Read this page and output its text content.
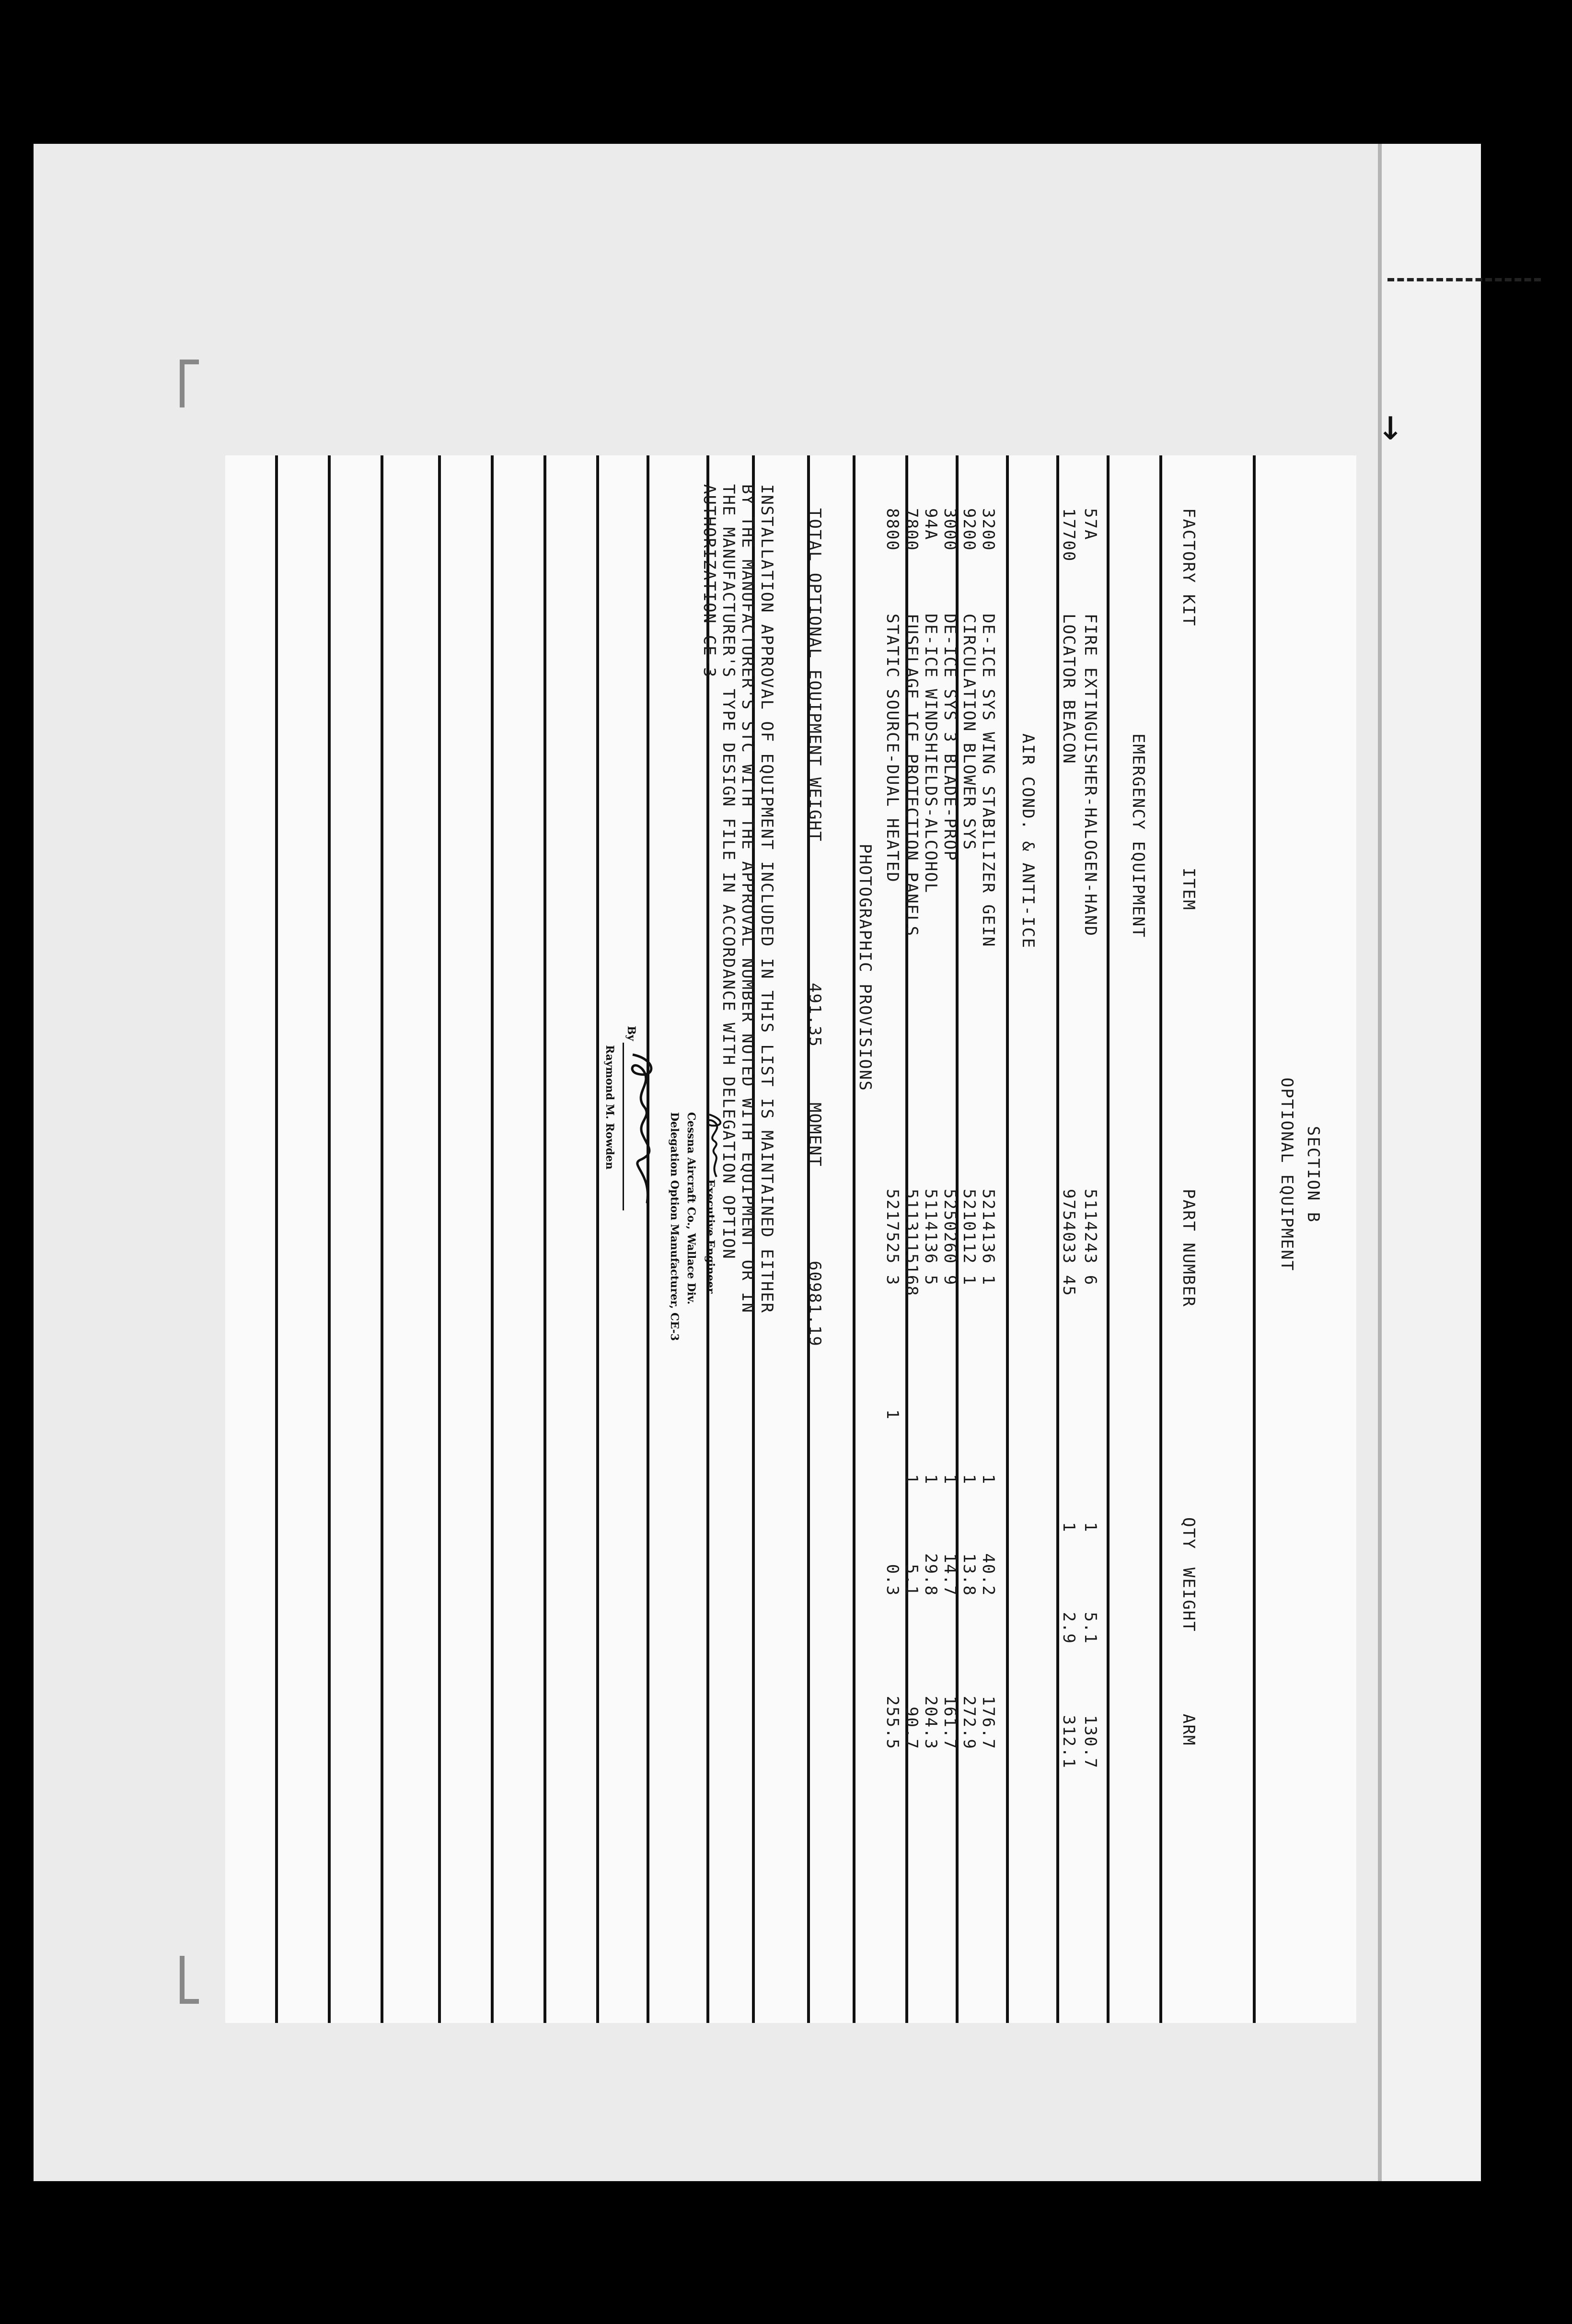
→
SECTION B
OPTIONAL EQUIPMENT
FACTORY KIT
ITEM
PART NUMBER
QTY
WEIGHT
ARM
EMERGENCY EQUIPMENT
57A
FIRE EXTINGUISHER-HALOGEN-HAND
5114243 6
1
5.1
130.7
17700
LOCATOR BEACON
9754033 45
1
2.9
312.1
AIR COND. & ANTI-ICE
3200
DE-ICE SYS WING STABILIZER GEIN
5214136 1
1
40.2
176.7
9200
CIRCULATION BLOWER SYS
5210112 1
1
13.8
272.9
3000
DE-ICE SYS 3 BLADE-PROP
5250260 9
1
14.7
161.7
94A
DE-ICE WINDSHIELDS-ALCOHOL
5114136 5
1
29.8
204.3
7800
FUSELAGE ICE PROTECTION PANELS
5113115168
1
5.1
90.7
8800
STATIC SOURCE-DUAL HEATED
5217525 3
1
0.3
255.5
PHOTOGRAPHIC PROVISIONS
TOTAL OPTIONAL EQUIPMENT WEIGHT
491.35
MOMENT
60981.19
INSTALLATION APPROVAL OF EQUIPMENT INCLUDED IN THIS LIST IS MAINTAINED EITHER
BY THE MANUFACTURER'S STC WITH THE APPROVAL NUMBER NOTED WITH EQUIPMENT OR IN
THE MANUFACTURER'S TYPE DESIGN FILE IN ACCORDANCE WITH DELEGATION OPTION
AUTHORIZATION CE-3
Executive Engineer
Cessna Aircraft Co., Wallace Div.
Delegation Option Manufacturer, CE-3
By
Raymond M. Rowden
